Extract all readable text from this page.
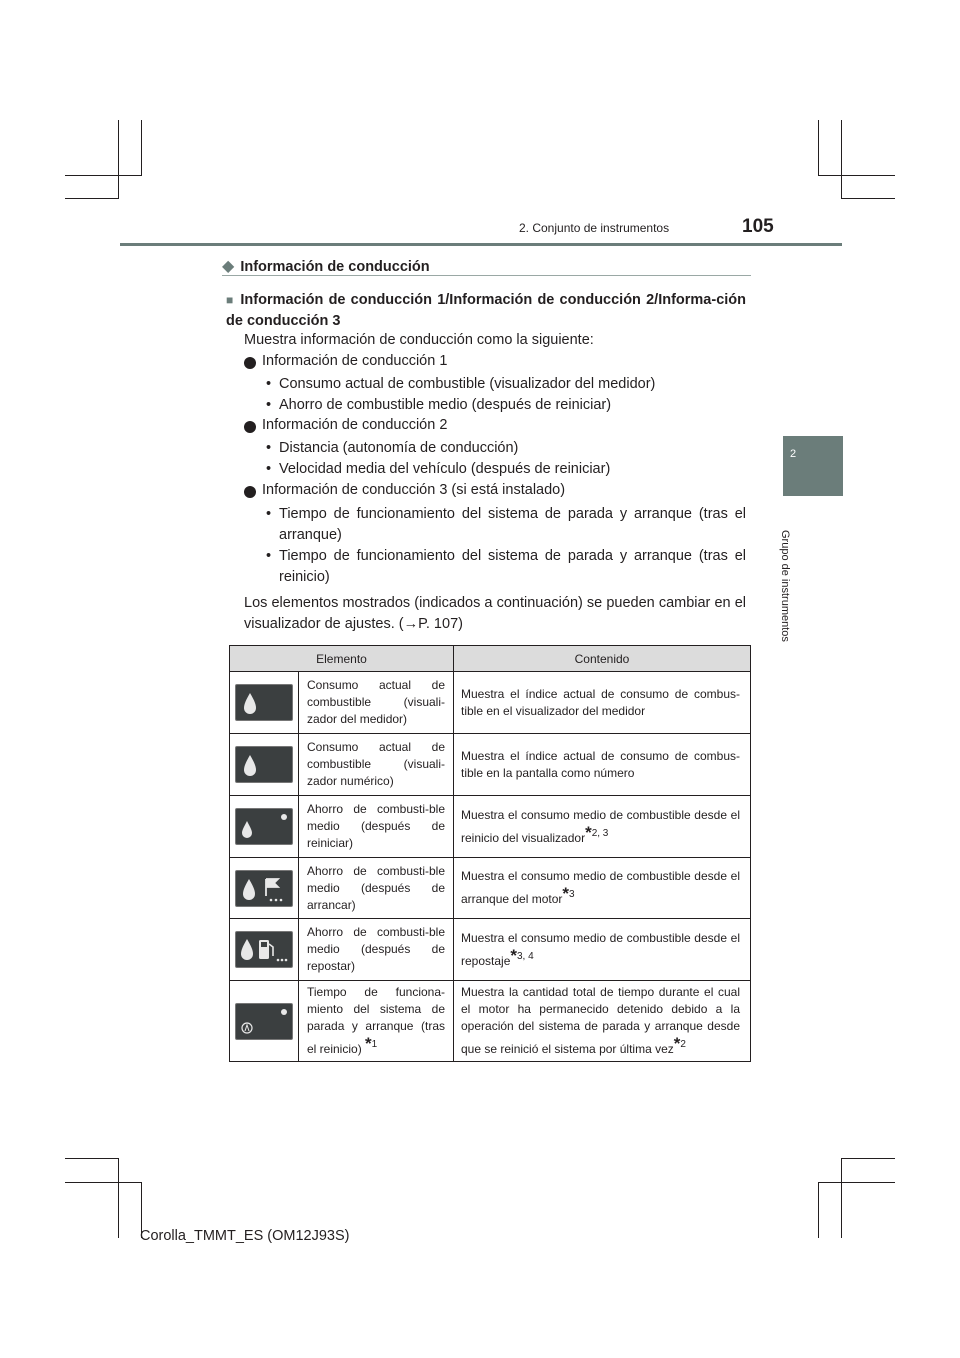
2. Conjunto de instrumentos	105
2
Grupo de instrumentos
◆ Información de conducción
■ Información de conducción 1/Información de conducción 2/Informa-ción de conducción 3
Muestra información de conducción como la siguiente:
Información de conducción 1
• Consumo actual de combustible (visualizador del medidor)
• Ahorro de combustible medio (después de reiniciar)
Información de conducción 2
• Distancia (autonomía de conducción)
• Velocidad media del vehículo (después de reiniciar)
Información de conducción 3 (si está instalado)
• Tiempo de funcionamiento del sistema de parada y arranque (tras el arranque)
• Tiempo de funcionamiento del sistema de parada y arranque (tras el reinicio)
Los elementos mostrados (indicados a continuación) se pueden cambiar en el visualizador de ajustes. (→P. 107)
Elemento		Contenido

	Consumo actual de combustible (visuali-zador del medidor)	Muestra el índice actual de consumo de combus-tible en el visualizador del medidor

	Consumo actual de combustible (visuali-zador numérico)	Muestra el índice actual de consumo de combus-tible en la pantalla como número

	Ahorro de combusti-ble medio (después de reiniciar)	Muestra el consumo medio de combustible desde el reinicio del visualizador$^{*2, 3}$

	Ahorro de combusti-ble medio (después de arrancar)	Muestra el consumo medio de combustible desde el arranque del motor$^{*3}$

	Ahorro de combusti-ble medio (después de repostar)	Muestra el consumo medio de combustible desde el repostaje$^{*3, 4}$

	Tiempo de funciona-miento del sistema de parada y arranque (tras el reinicio) $^{*1}$	Muestra la cantidad total de tiempo durante el cual el motor ha permanecido detenido debido a la operación del sistema de parada y arranque desde que se reinició el sistema por última vez$^{*2}$
Corolla_TMMT_ES (OM12J93S)
